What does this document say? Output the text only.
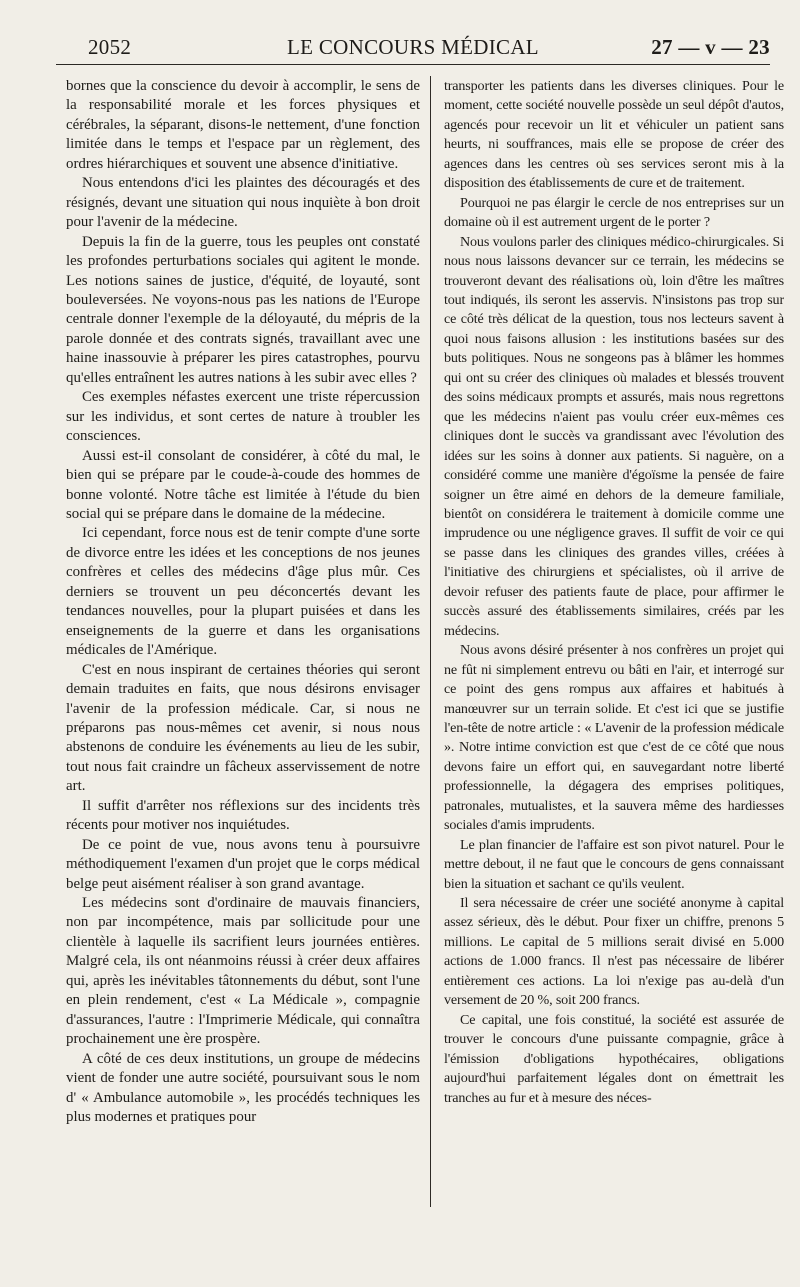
2052	LE CONCOURS MÉDICAL	27 — v — 23

bornes que la conscience du devoir à accomplir, le sens de la responsabilité morale et les forces physiques et cérébrales, la séparant, disons-le nettement, d'une fonction limitée dans le temps et l'espace par un règlement, des ordres hiérarchiques et souvent une absence d'initiative.

Nous entendons d'ici les plaintes des découragés et des résignés, devant une situation qui nous inquiète à bon droit pour l'avenir de la médecine.

Depuis la fin de la guerre, tous les peuples ont constaté les profondes perturbations sociales qui agitent le monde. Les notions saines de justice, d'équité, de loyauté, sont bouleversées. Ne voyons-nous pas les nations de l'Europe centrale donner l'exemple de la déloyauté, du mépris de la parole donnée et des contrats signés, travaillant avec une haine inassouvie à préparer les pires catastrophes, pourvu qu'elles entraînent les autres nations à les subir avec elles ?

Ces exemples néfastes exercent une triste répercussion sur les individus, et sont certes de nature à troubler les consciences.

Aussi est-il consolant de considérer, à côté du mal, le bien qui se prépare par le coude-à-coude des hommes de bonne volonté. Notre tâche est limitée à l'étude du bien social qui se prépare dans le domaine de la médecine.

Ici cependant, force nous est de tenir compte d'une sorte de divorce entre les idées et les conceptions de nos jeunes confrères et celles des médecins d'âge plus mûr. Ces derniers se trouvent un peu déconcertés devant les tendances nouvelles, pour la plupart puisées et dans les enseignements de la guerre et dans les organisations médicales de l'Amérique.

C'est en nous inspirant de certaines théories qui seront demain traduites en faits, que nous désirons envisager l'avenir de la profession médicale. Car, si nous ne préparons pas nous-mêmes cet avenir, si nous nous abstenons de conduire les événements au lieu de les subir, tout nous fait craindre un fâcheux asservissement de notre art.

Il suffit d'arrêter nos réflexions sur des incidents très récents pour motiver nos inquiétudes.

De ce point de vue, nous avons tenu à poursuivre méthodiquement l'examen d'un projet que le corps médical belge peut aisément réaliser à son grand avantage.

Les médecins sont d'ordinaire de mauvais financiers, non par incompétence, mais par sollicitude pour une clientèle à laquelle ils sacrifient leurs journées entières. Malgré cela, ils ont néanmoins réussi à créer deux affaires qui, après les inévitables tâtonnements du début, sont l'une en plein rendement, c'est « La Médicale », compagnie d'assurances, l'autre : l'Imprimerie Médicale, qui connaîtra prochainement une ère prospère.

A côté de ces deux institutions, un groupe de médecins vient de fonder une autre société, poursuivant sous le nom d' « Ambulance automobile », les procédés techniques les plus modernes et pratiques pour

transporter les patients dans les diverses cliniques. Pour le moment, cette société nouvelle possède un seul dépôt d'autos, agencés pour recevoir un lit et véhiculer un patient sans heurts, ni souffrances, mais elle se propose de créer des agences dans les centres où ses services seront mis à la disposition des établissements de cure et de traitement.

Pourquoi ne pas élargir le cercle de nos entreprises sur un domaine où il est autrement urgent de le porter ?

Nous voulons parler des cliniques médico-chirurgicales. Si nous nous laissons devancer sur ce terrain, les médecins se trouveront devant des réalisations où, loin d'être les maîtres tout indiqués, ils seront les asservis. N'insistons pas trop sur ce côté très délicat de la question, tous nos lecteurs savent à quoi nous faisons allusion : les institutions basées sur des buts politiques. Nous ne songeons pas à blâmer les hommes qui ont su créer des cliniques où malades et blessés trouvent des soins médicaux prompts et assurés, mais nous regrettons que les médecins n'aient pas voulu créer eux-mêmes ces cliniques dont le succès va grandissant avec l'évolution des idées sur les soins à donner aux patients. Si naguère, on a considéré comme une manière d'égoïsme la pensée de faire soigner un être aimé en dehors de la demeure familiale, bientôt on considérera le traitement à domicile comme une imprudence ou une négligence graves. Il suffit de voir ce qui se passe dans les cliniques des grandes villes, créées à l'initiative des chirurgiens et spécialistes, où il arrive de devoir refuser des patients faute de place, pour affirmer le succès assuré des établissements similaires, créés par les médecins.

Nous avons désiré présenter à nos confrères un projet qui ne fût ni simplement entrevu ou bâti en l'air, et interrogé sur ce point des gens rompus aux affaires et habitués à manœuvrer sur un terrain solide. Et c'est ici que se justifie l'en-tête de notre article : « L'avenir de la profession médicale ». Notre intime conviction est que c'est de ce côté que nous devons faire un effort qui, en sauvegardant notre liberté professionnelle, la dégagera des emprises politiques, patronales, mutualistes, et la sauvera même des hardiesses sociales d'amis imprudents.

Le plan financier de l'affaire est son pivot naturel. Pour le mettre debout, il ne faut que le concours de gens connaissant bien la situation et sachant ce qu'ils veulent.

Il sera nécessaire de créer une société anonyme à capital assez sérieux, dès le début. Pour fixer un chiffre, prenons 5 millions. Le capital de 5 millions serait divisé en 5.000 actions de 1.000 francs. Il n'est pas nécessaire de libérer entièrement ces actions. La loi n'exige pas au-delà d'un versement de 20 %, soit 200 francs.

Ce capital, une fois constitué, la société est assurée de trouver le concours d'une puissante compagnie, grâce à l'émission d'obligations hypothécaires, obligations aujourd'hui parfaitement légales dont on émettrait les tranches au fur et à mesure des néces-
